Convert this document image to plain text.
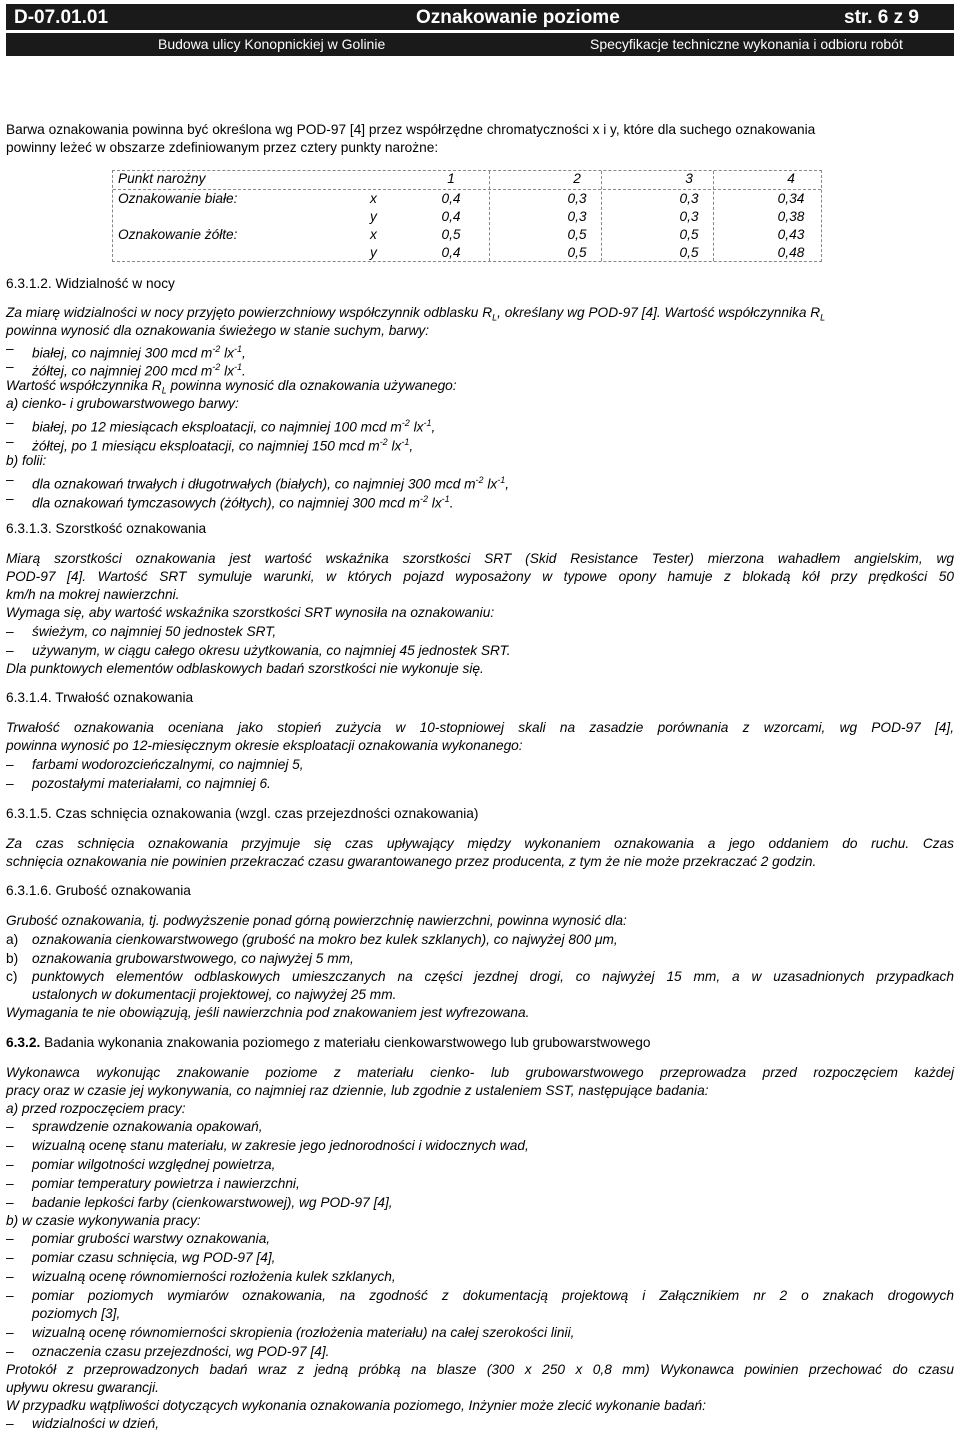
D-07.01.01	Oznakowanie poziome	str. 6 z 9
Budowa ulicy Konopnickiej w Golinie	Specyfikacje techniczne wykonania i odbioru robót
Barwa oznakowania powinna być określona wg POD-97 [4] przez współrzędne chromatyczności x i y, które dla suchego oznakowania
powinny leżeć w obszarze zdefiniowanym przez cztery punkty narożne:
Punkt narożny	1	2	3	4
Oznakowanie białe:	x	0,4	0,3	0,3	0,34
y	0,4	0,3	0,3	0,38
Oznakowanie żółte:	x	0,5	0,5	0,5	0,43
y	0,4	0,5	0,5	0,48
6.3.1.2. Widzialność w nocy
Za miarę widzialności w nocy przyjęto powierzchniowy współczynnik odblasku $R_L$, określany wg POD-97 [4]. Wartość współczynnika $R_L$
powinna wynosić dla oznakowania świeżego w stanie suchym, barwy:
– białej, co najmniej 300 mcd $m^{-2}$ $lx^{-1}$,
– żółtej, co najmniej 200 mcd $m^{-2}$ $lx^{-1}$.
Wartość współczynnika $R_L$ powinna wynosić dla oznakowania używanego:
a) cienko- i grubowarstwowego barwy:
– białej, po 12 miesiącach eksploatacji, co najmniej 100 mcd $m^{-2}$ $lx^{-1}$,
– żółtej, po 1 miesiącu eksploatacji, co najmniej 150 mcd $m^{-2}$ $lx^{-1}$,
b) folii:
– dla oznakowań trwałych i długotrwałych (białych), co najmniej 300 mcd $m^{-2}$ $lx^{-1}$,
– dla oznakowań tymczasowych (żółtych), co najmniej 300 mcd $m^{-2}$ $lx^{-1}$.
6.3.1.3. Szorstkość oznakowania
Miarą szorstkości oznakowania jest wartość wskaźnika szorstkości SRT (Skid Resistance Tester) mierzona wahadłem angielskim, wg
POD-97 [4]. Wartość SRT symuluje warunki, w których pojazd wyposażony w typowe opony hamuje z blokadą kół przy prędkości 50
km/h na mokrej nawierzchni.
Wymaga się, aby wartość wskaźnika szorstkości SRT wynosiła na oznakowaniu:
– świeżym, co najmniej 50 jednostek SRT,
– używanym, w ciągu całego okresu użytkowania, co najmniej 45 jednostek SRT.
Dla punktowych elementów odblaskowych badań szorstkości nie wykonuje się.
6.3.1.4. Trwałość oznakowania
Trwałość oznakowania oceniana jako stopień zużycia w 10-stopniowej skali na zasadzie porównania z wzorcami, wg POD-97 [4],
powinna wynosić po 12-miesięcznym okresie eksploatacji oznakowania wykonanego:
– farbami wodorozcieńczalnymi, co najmniej 5,
– pozostałymi materiałami, co najmniej 6.
6.3.1.5. Czas schnięcia oznakowania (wzgl. czas przejezdności oznakowania)
Za czas schnięcia oznakowania przyjmuje się czas upływający między wykonaniem oznakowania a jego oddaniem do ruchu. Czas
schnięcia oznakowania nie powinien przekraczać czasu gwarantowanego przez producenta, z tym że nie może przekraczać 2 godzin.
6.3.1.6. Grubość oznakowania
Grubość oznakowania, tj. podwyższenie ponad górną powierzchnię nawierzchni, powinna wynosić dla:
a) oznakowania cienkowarstwowego (grubość na mokro bez kulek szklanych), co najwyżej 800 μm,
b) oznakowania grubowarstwowego, co najwyżej 5 mm,
c) punktowych elementów odblaskowych umieszczanych na części jezdnej drogi, co najwyżej 15 mm, a w uzasadnionych przypadkach
ustalonych w dokumentacji projektowej, co najwyżej 25 mm.
Wymagania te nie obowiązują, jeśli nawierzchnia pod znakowaniem jest wyfrezowana.
6.3.2. Badania wykonania znakowania poziomego z materiału cienkowarstwowego lub grubowarstwowego
Wykonawca wykonując znakowanie poziome z materiału cienko- lub grubowarstwowego przeprowadza przed rozpoczęciem każdej
pracy oraz w czasie jej wykonywania, co najmniej raz dziennie, lub zgodnie z ustaleniem SST, następujące badania:
a) przed rozpoczęciem pracy:
– sprawdzenie oznakowania opakowań,
– wizualną ocenę stanu materiału, w zakresie jego jednorodności i widocznych wad,
– pomiar wilgotności względnej powietrza,
– pomiar temperatury powietrza i nawierzchni,
– badanie lepkości farby (cienkowarstwowej), wg POD-97 [4],
b) w czasie wykonywania pracy:
– pomiar grubości warstwy oznakowania,
– pomiar czasu schnięcia, wg POD-97 [4],
– wizualną ocenę równomierności rozłożenia kulek szklanych,
– pomiar poziomych wymiarów oznakowania, na zgodność z dokumentacją projektową i Załącznikiem nr 2 o znakach drogowych
poziomych [3],
– wizualną ocenę równomierności skropienia (rozłożenia materiału) na całej szerokości linii,
– oznaczenia czasu przejezdności, wg POD-97 [4].
Protokół z przeprowadzonych badań wraz z jedną próbką na blasze (300 x 250 x 0,8 mm) Wykonawca powinien przechować do czasu
upływu okresu gwarancji.
W przypadku wątpliwości dotyczących wykonania oznakowania poziomego, Inżynier może zlecić wykonanie badań:
– widzialności w dzień,
